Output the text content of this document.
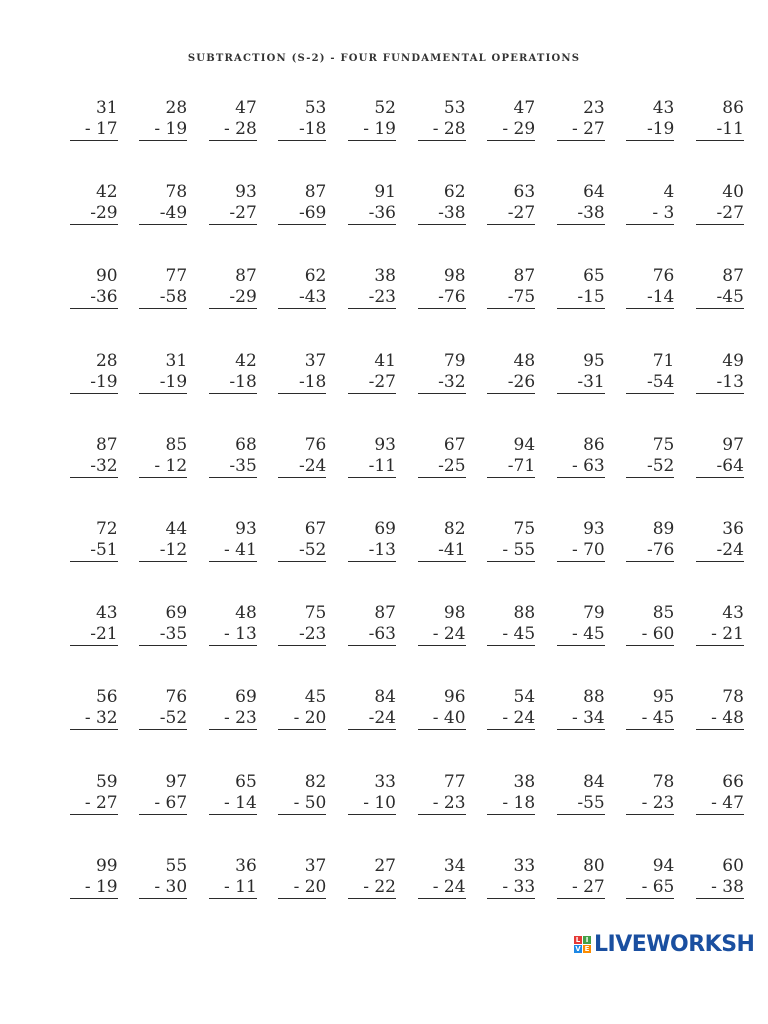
SUBTRACTION (S-2) - FOUR FUNDAMENTAL OPERATIONS
31
- 17
28
- 19
47
- 28
53
-18
52
- 19
53
- 28
47
- 29
23
- 27
43
-19
86
-11
42
-29
78
-49
93
-27
87
-69
91
-36
62
-38
63
-27
64
-38
4
- 3
40
-27
90
-36
77
-58
87
-29
62
-43
38
-23
98
-76
87
-75
65
-15
76
-14
87
-45
28
-19
31
-19
42
-18
37
-18
41
-27
79
-32
48
-26
95
-31
71
-54
49
-13
87
-32
85
- 12
68
-35
76
-24
93
-11
67
-25
94
-71
86
- 63
75
-52
97
-64
72
-51
44
-12
93
- 41
67
-52
69
-13
82
-41
75
- 55
93
- 70
89
-76
36
-24
43
-21
69
-35
48
- 13
75
-23
87
-63
98
- 24
88
- 45
79
- 45
85
- 60
43
- 21
56
- 32
76
-52
69
- 23
45
- 20
84
-24
96
- 40
54
- 24
88
- 34
95
- 45
78
- 48
59
- 27
97
- 67
65
- 14
82
- 50
33
- 10
77
- 23
38
- 18
84
-55
78
- 23
66
- 47
99
- 19
55
- 30
36
- 11
37
- 20
27
- 22
34
- 24
33
- 33
80
- 27
94
- 65
60
- 38
L I
V E LIVEWORKSH
